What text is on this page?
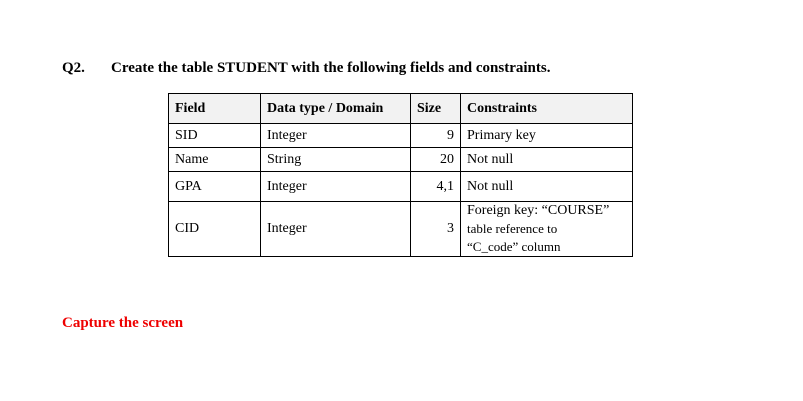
Q2. Create the table STUDENT with the following fields and constraints.
Field	Data type / Domain	Size	Constraints
SID	Integer	9	Primary key
Name	String	20	Not null
GPA	Integer	4,1	Not null
CID	Integer	3	Foreign key: “COURSE”
table reference to
“C_code” column
Capture the screen
